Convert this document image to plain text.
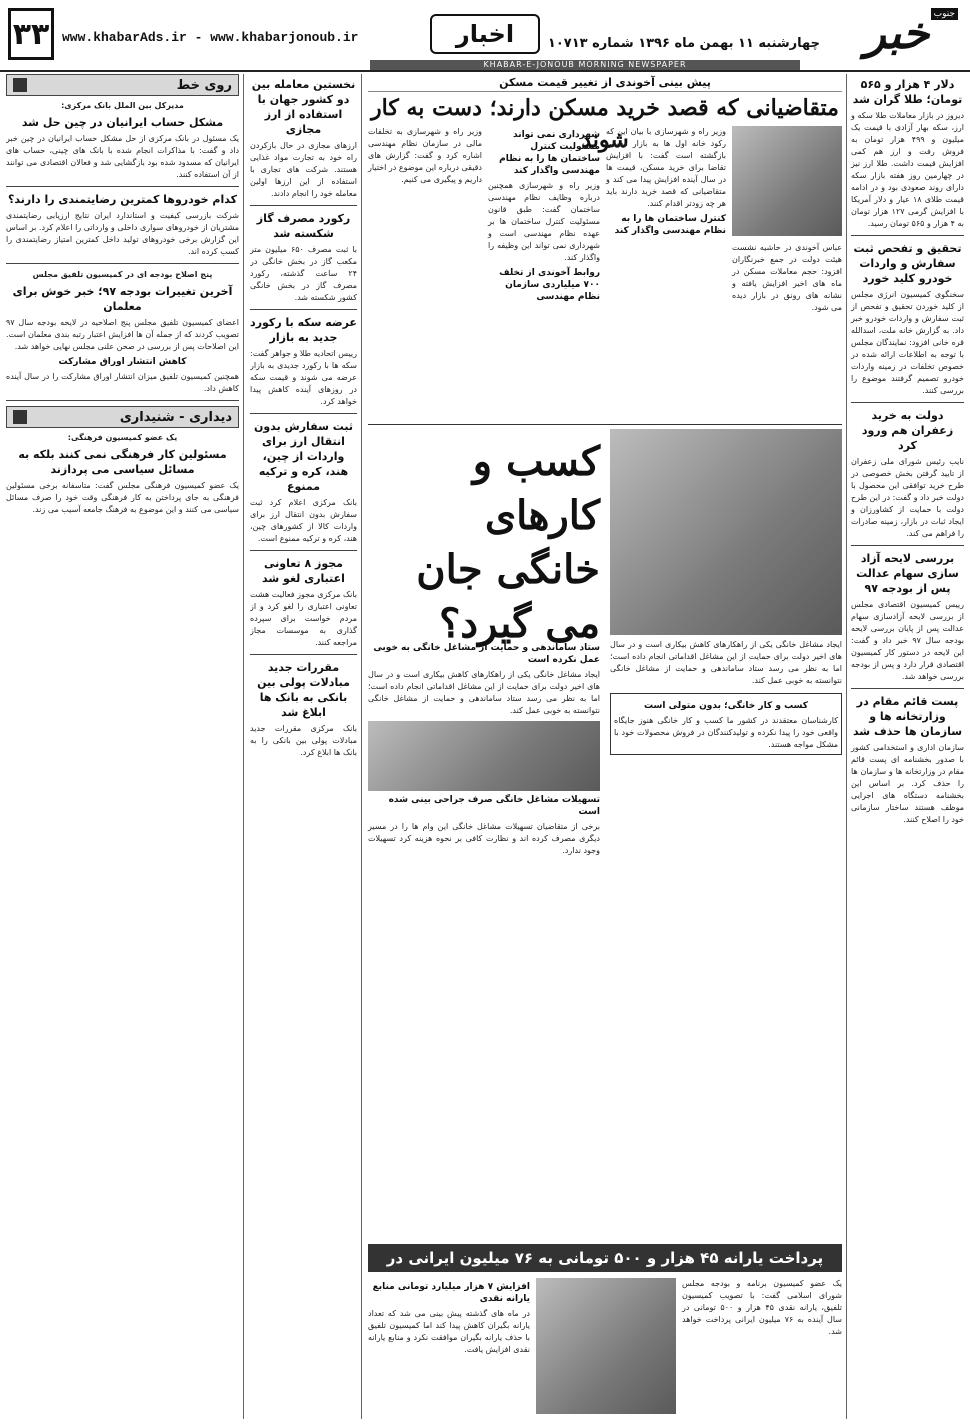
۳۳ www.khabarAds.ir - www.khabarjonoub.ir	اخبار	چهارشنبه ۱۱ بهمن ماه ۱۳۹۶ شماره ۱۰۷۱۳
KHABAR-E-JONOUB MORNING NEWSPAPER
خبر جنوب
دلار ۴ هزار و ۵۶۵ تومان؛ طلا گران شد
دیروز در بازار معاملات طلا سکه و ارز، سکه بهار آزادی با قیمت یک میلیون و ۴۹۹ هزار تومان به فروش رفت و ارز هم کمی افزایش قیمت داشت. طلا ارز نیز در چهارمین روز هفته بازار سکه دارای روند صعودی بود و در ادامه قیمت طلای ۱۸ عیار و دلار آمریکا با افزایش گرمی ۱۲۷ هزار تومان به ۴ هزار و ۵۶۵ تومان رسید.
تحقیق و تفحص ثبت سفارش و واردات خودرو کلید خورد
سخنگوی کمیسیون انرژی مجلس از کلید خوردن تحقیق و تفحص از ثبت سفارش و واردات خودرو خبر داد. به گزارش خانه ملت، اسدالله قره خانی افزود: نمایندگان مجلس با توجه به اطلاعات ارائه شده در خصوص تخلفات در زمینه واردات خودرو تصمیم گرفتند موضوع را بررسی کنند.
دولت به خرید زعفران هم ورود کرد
نایب رئیس شورای ملی زعفران از تایید گرفتن بخش خصوصی در طرح خرید توافقی این محصول با دولت خبر داد و گفت: در این طرح دولت با حمایت از کشاورزان و ایجاد ثبات در بازار، زمینه صادرات را فراهم می کند.
بررسی لایحه آزاد سازی سهام عدالت پس از بودجه ۹۷
رییس کمیسیون اقتصادی مجلس از بررسی لایحه آزادسازی سهام عدالت پس از پایان بررسی لایحه بودجه سال ۹۷ خبر داد و گفت: این لایحه در دستور کار کمیسیون اقتصادی قرار دارد و پس از بودجه بررسی خواهد شد.
پست قائم مقام در وزارتخانه ها و سازمان ها حذف شد
سازمان اداری و استخدامی کشور با صدور بخشنامه ای پست قائم مقام در وزارتخانه ها و سازمان ها را حذف کرد. بر اساس این بخشنامه دستگاه های اجرایی موظف هستند ساختار سازمانی خود را اصلاح کنند.
پیش بینی آخوندی از تغییر قیمت مسکن
متقاضیانی که قصد خرید مسکن دارند؛ دست به کار شوند
وزیر راه و شهرسازی با بیان این که رکود خانه اول ها به بازار مسکن بازگشته است گفت: با افزایش تقاضا برای خرید مسکن، قیمت ها در سال آینده افزایش پیدا می کند و متقاضیانی که قصد خرید دارند باید هر چه زودتر اقدام کنند.
کنترل ساختمان ها را به نظام مهندسی واگذار کند
عباس آخوندی در حاشیه نشست هیئت دولت در جمع خبرنگاران افزود: حجم معاملات مسکن در ماه های اخیر افزایش یافته و نشانه های رونق در بازار دیده می شود.
شهرداری نمی تواند مسئولیت کنترل ساختمان ها را به نظام مهندسی واگذار کند
وزیر راه و شهرسازی همچنین درباره وظایف نظام مهندسی ساختمان گفت: طبق قانون مسئولیت کنترل ساختمان ها بر عهده نظام مهندسی است و شهرداری نمی تواند این وظیفه را واگذار کند.
روابط آخوندی از تخلف ۷۰۰ میلیاردی سازمان نظام مهندسی
وزیر راه و شهرسازی به تخلفات مالی در سازمان نظام مهندسی اشاره کرد و گفت: گزارش های دقیقی درباره این موضوع در اختیار داریم و پیگیری می کنیم.
کسب و کارهای
خانگی جان
می گیرد؟
ستاد ساماندهی و حمایت از مشاغل خانگی به خوبی عمل نکرده است
ایجاد مشاغل خانگی یکی از راهکارهای کاهش بیکاری است و در سال های اخیر دولت برای حمایت از این مشاغل اقداماتی انجام داده است؛ اما به نظر می رسد ستاد ساماندهی و حمایت از مشاغل خانگی نتوانسته به خوبی عمل کند.
تسهیلات مشاغل خانگی صرف جراحی بینی شده است
برخی از متقاضیان تسهیلات مشاغل خانگی این وام ها را در مسیر دیگری مصرف کرده اند و نظارت کافی بر نحوه هزینه کرد تسهیلات وجود ندارد.
ایجاد مشاغل خانگی یکی از راهکارهای کاهش بیکاری است و در سال های اخیر دولت برای حمایت از این مشاغل اقداماتی انجام داده است؛ اما به نظر می رسد ستاد ساماندهی و حمایت از مشاغل خانگی نتوانسته به خوبی عمل کند.
کسب و کار خانگی؛ بدون متولی است
کارشناسان معتقدند در کشور ما کسب و کار خانگی هنوز جایگاه واقعی خود را پیدا نکرده و تولیدکنندگان در فروش محصولات خود با مشکل مواجه هستند.
پرداخت یارانه ۴۵ هزار و ۵۰۰ تومانی به ۷۶ میلیون ایرانی در
یک عضو کمیسیون برنامه و بودجه مجلس شورای اسلامی گفت: با تصویب کمیسیون تلفیق، یارانه نقدی ۴۵ هزار و ۵۰۰ تومانی در سال آینده به ۷۶ میلیون ایرانی پرداخت خواهد شد.
افزایش ۷ هزار میلیارد تومانی منابع یارانه نقدی
در ماه های گذشته پیش بینی می شد که تعداد یارانه بگیران کاهش پیدا کند اما کمیسیون تلفیق با حذف یارانه بگیران موافقت نکرد و منابع یارانه نقدی افزایش یافت.
نخستین معامله بین دو کشور جهان با استفاده از ارز مجازی
ارزهای مجازی در حال بازکردن راه خود به تجارت مواد غذایی هستند. شرکت های تجاری با استفاده از این ارزها اولین معامله خود را انجام دادند.
رکورد مصرف گاز شکسته شد
با ثبت مصرف ۶۵۰ میلیون متر مکعب گاز در بخش خانگی در ۲۴ ساعت گذشته، رکورد مصرف گاز در بخش خانگی کشور شکسته شد.
عرضه سکه با رکورد جدید به بازار
رییس اتحادیه طلا و جواهر گفت: سکه ها با رکورد جدیدی به بازار عرضه می شوند و قیمت سکه در روزهای آینده کاهش پیدا خواهد کرد.
ثبت سفارش بدون انتقال ارز برای واردات از چین، هند، کره و ترکیه ممنوع
بانک مرکزی اعلام کرد ثبت سفارش بدون انتقال ارز برای واردات کالا از کشورهای چین، هند، کره و ترکیه ممنوع است.
مجوز ۸ تعاونی اعتباری لغو شد
بانک مرکزی مجوز فعالیت هشت تعاونی اعتباری را لغو کرد و از مردم خواست برای سپرده گذاری به موسسات مجاز مراجعه کنند.
مقررات جدید مبادلات پولی بین بانکی به بانک ها ابلاغ شد
بانک مرکزی مقررات جدید مبادلات پولی بین بانکی را به بانک ها ابلاغ کرد.
روی خط
مدیرکل بین الملل بانک مرکزی:
مشکل حساب ایرانیان در چین حل شد
یک مسئول در بانک مرکزی از حل مشکل حساب ایرانیان در چین خبر داد و گفت: با مذاکرات انجام شده با بانک های چینی، حساب های ایرانیان که مسدود شده بود بازگشایی شد و فعالان اقتصادی می توانند از آن استفاده کنند.
کدام خودروها کمترین رضایتمندی را دارند؟
شرکت بازرسی کیفیت و استاندارد ایران نتایج ارزیابی رضایتمندی مشتریان از خودروهای سواری داخلی و وارداتی را اعلام کرد. بر اساس این گزارش برخی خودروهای تولید داخل کمترین امتیاز رضایتمندی را کسب کرده اند.
پنج اصلاح بودجه ای در کمیسیون تلفیق مجلس
آخرین تغییرات بودجه ۹۷؛ خبر خوش برای معلمان
اعضای کمیسیون تلفیق مجلس پنج اصلاحیه در لایحه بودجه سال ۹۷ تصویب کردند که از جمله آن ها افزایش اعتبار رتبه بندی معلمان است. این اصلاحات پس از بررسی در صحن علنی مجلس نهایی خواهد شد.
کاهش انتشار اوراق مشارکت
همچنین کمیسیون تلفیق میزان انتشار اوراق مشارکت را در سال آینده کاهش داد.
دیداری - شنیداری
یک عضو کمیسیون فرهنگی:
مسئولین کار فرهنگی نمی کنند بلکه به مسائل سیاسی می پردازند
یک عضو کمیسیون فرهنگی مجلس گفت: متاسفانه برخی مسئولین فرهنگی به جای پرداختن به کار فرهنگی وقت خود را صرف مسائل سیاسی می کنند و این موضوع به فرهنگ جامعه آسیب می زند.
